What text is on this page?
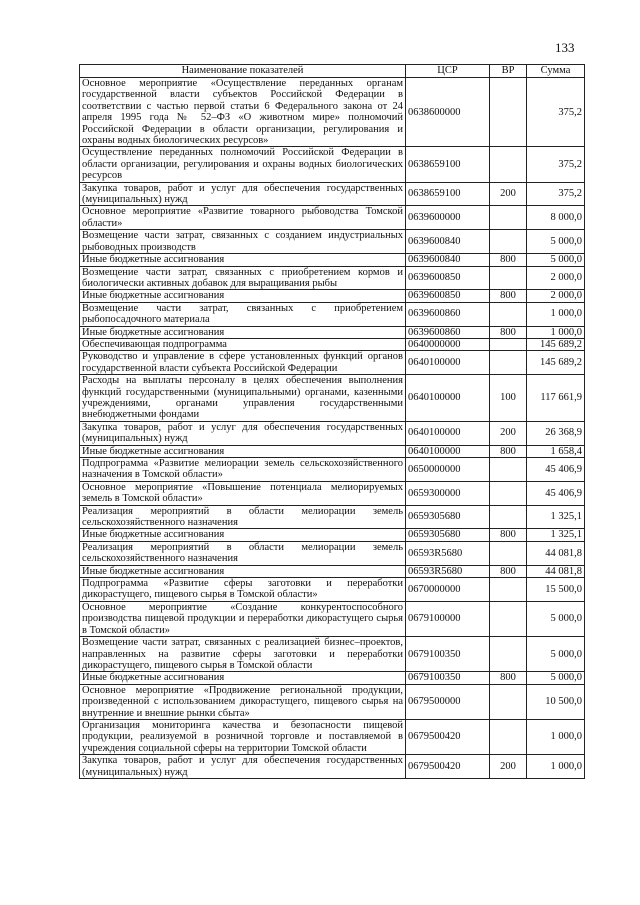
133
Наименование показателей	ЦСР	ВР	Сумма
Основное мероприятие «Осуществление переданных органам государственной власти субъектов Российской Федерации в соответствии с частью первой статьи 6 Федерального закона от 24 апреля 1995 года № 52–ФЗ «О животном мире» полномочий Российской Федерации в области организации, регулирования и охраны водных биологических ресурсов»	0638600000		375,2
Осуществление переданных полномочий Российской Федерации в области организации, регулирования и охраны водных биологических ресурсов	0638659100		375,2
Закупка товаров, работ и услуг для обеспечения государственных (муниципальных) нужд	0638659100	200	375,2
Основное мероприятие «Развитие товарного рыбоводства Томской области»	0639600000		8 000,0
Возмещение части затрат, связанных с созданием индустриальных рыбоводных производств	0639600840		5 000,0
Иные бюджетные ассигнования	0639600840	800	5 000,0
Возмещение части затрат, связанных с приобретением кормов и биологически активных добавок для выращивания рыбы	0639600850		2 000,0
Иные бюджетные ассигнования	0639600850	800	2 000,0
Возмещение части затрат, связанных с приобретением рыбопосадочного материала	0639600860		1 000,0
Иные бюджетные ассигнования	0639600860	800	1 000,0
Обеспечивающая подпрограмма	0640000000		145 689,2
Руководство и управление в сфере установленных функций органов государственной власти субъекта Российской Федерации	0640100000		145 689,2
Расходы на выплаты персоналу в целях обеспечения выполнения функций государственными (муниципальными) органами, казенными учреждениями, органами управления государственными внебюджетными фондами	0640100000	100	117 661,9
Закупка товаров, работ и услуг для обеспечения государственных (муниципальных) нужд	0640100000	200	26 368,9
Иные бюджетные ассигнования	0640100000	800	1 658,4
Подпрограмма «Развитие мелиорации земель сельскохозяйственного назначения в Томской области»	0650000000		45 406,9
Основное мероприятие «Повышение потенциала мелиорируемых земель в Томской области»	0659300000		45 406,9
Реализация мероприятий в области мелиорации земель сельскохозяйственного назначения	0659305680		1 325,1
Иные бюджетные ассигнования	0659305680	800	1 325,1
Реализация мероприятий в области мелиорации земель сельскохозяйственного назначения	06593R5680		44 081,8
Иные бюджетные ассигнования	06593R5680	800	44 081,8
Подпрограмма «Развитие сферы заготовки и переработки дикорастущего, пищевого сырья в Томской области»	0670000000		15 500,0
Основное мероприятие «Создание конкурентоспособного производства пищевой продукции и переработки дикорастущего сырья в Томской области»	0679100000		5 000,0
Возмещение части затрат, связанных с реализацией бизнес–проектов, направленных на развитие сферы заготовки и переработки дикорастущего, пищевого сырья в Томской области	0679100350		5 000,0
Иные бюджетные ассигнования	0679100350	800	5 000,0
Основное мероприятие «Продвижение региональной продукции, произведенной с использованием дикорастущего, пищевого сырья на внутренние и внешние рынки сбыта»	0679500000		10 500,0
Организация мониторинга качества и безопасности пищевой продукции, реализуемой в розничной торговле и поставляемой в учреждения социальной сферы на территории Томской области	0679500420		1 000,0
Закупка товаров, работ и услуг для обеспечения государственных (муниципальных) нужд	0679500420	200	1 000,0
